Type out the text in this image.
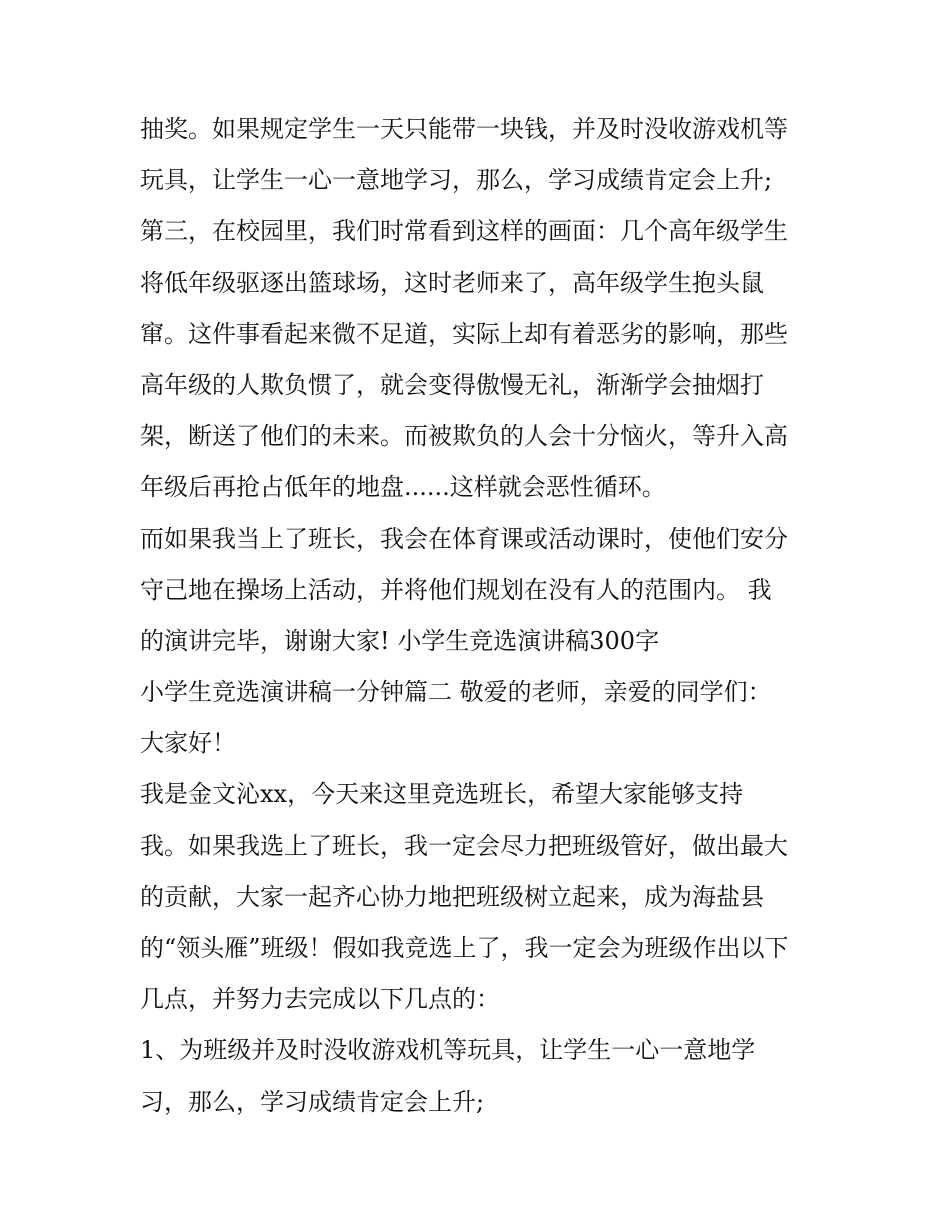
抽奖。如果规定学生一天只能带一块钱，并及时没收游戏机等
玩具，让学生一心一意地学习，那么，学习成绩肯定会上升;
第三，在校园里，我们时常看到这样的画面：几个高年级学生
将低年级驱逐出篮球场，这时老师来了，高年级学生抱头鼠
窜。这件事看起来微不足道，实际上却有着恶劣的影响，那些
高年级的人欺负惯了，就会变得傲慢无礼，渐渐学会抽烟打
架，断送了他们的未来。而被欺负的人会十分恼火，等升入高
年级后再抢占低年的地盘......这样就会恶性循环。
而如果我当上了班长，我会在体育课或活动课时，使他们安分
守己地在操场上活动，并将他们规划在没有人的范围内。 我
的演讲完毕，谢谢大家! 小学生竞选演讲稿300字
小学生竞选演讲稿一分钟篇二 敬爱的老师，亲爱的同学们：
大家好！
我是金文沁xx，今天来这里竞选班长，希望大家能够支持
我。如果我选上了班长，我一定会尽力把班级管好，做出最大
的贡献，大家一起齐心协力地把班级树立起来，成为海盐县
的“领头雁”班级！假如我竞选上了，我一定会为班级作出以下
几点，并努力去完成以下几点的：
1、为班级并及时没收游戏机等玩具，让学生一心一意地学
习，那么，学习成绩肯定会上升;
